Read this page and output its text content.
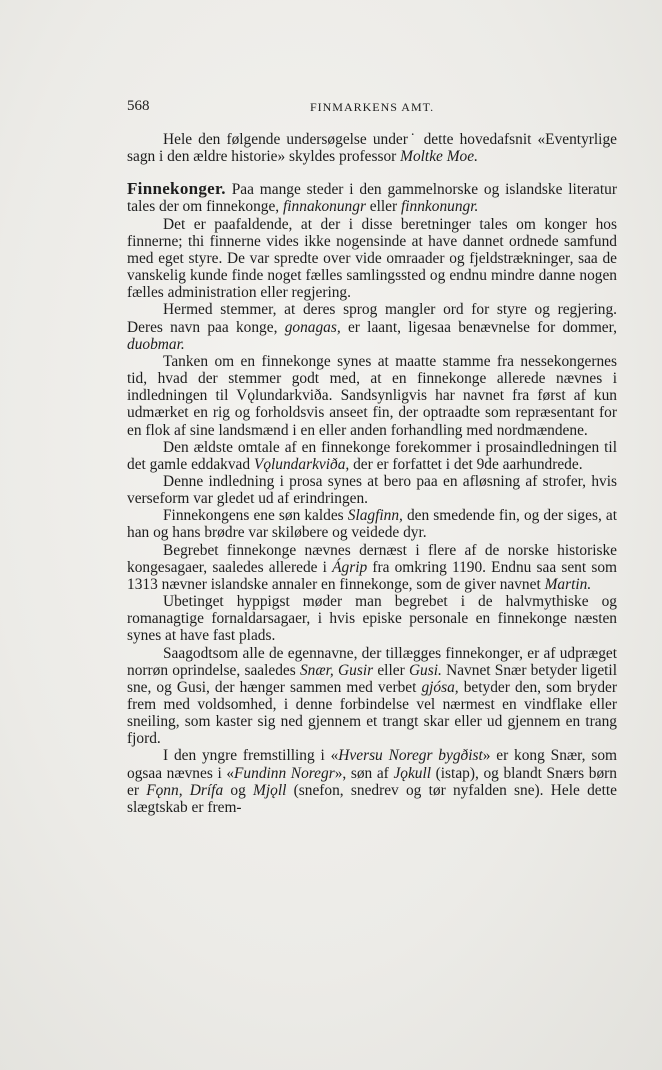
568	FINMARKENS AMT.

Hele den følgende undersøgelse under˙ dette hovedafsnit «Eventyrlige sagn i den ældre historie» skyldes professor Moltke Moe.

Finnekonger. Paa mange steder i den gammelnorske og islandske literatur tales der om finnekonge, finnakonungr eller finnkonungr.

Det er paafaldende, at der i disse beretninger tales om konger hos finnerne; thi finnerne vides ikke nogensinde at have dannet ordnede samfund med eget styre. De var spredte over vide omraader og fjeldstrækninger, saa de vanskelig kunde finde noget fælles samlingssted og endnu mindre danne nogen fælles administration eller regjering.

Hermed stemmer, at deres sprog mangler ord for styre og regjering. Deres navn paa konge, gonagas, er laant, ligesaa benævnelse for dommer, duobmar.

Tanken om en finnekonge synes at maatte stamme fra nessekongernes tid, hvad der stemmer godt med, at en finnekonge allerede nævnes i indledningen til Vǫlundarkviða. Sandsynligvis har navnet fra først af kun udmærket en rig og forholdsvis anseet fin, der optraadte som repræsentant for en flok af sine landsmænd i en eller anden forhandling med nordmændene.

Den ældste omtale af en finnekonge forekommer i prosaindledningen til det gamle eddakvad Vǫlundarkviða, der er forfattet i det 9de aarhundrede.

Denne indledning i prosa synes at bero paa en afløsning af strofer, hvis verseform var gledet ud af erindringen.

Finnekongens ene søn kaldes Slagfinn, den smedende fin, og der siges, at han og hans brødre var skiløbere og veidede dyr.

Begrebet finnekonge nævnes dernæst i flere af de norske historiske kongesagaer, saaledes allerede i Ágrip fra omkring 1190. Endnu saa sent som 1313 nævner islandske annaler en finnekonge, som de giver navnet Martin.

Ubetinget hyppigst møder man begrebet i de halvmythiske og romanagtige fornaldarsagaer, i hvis episke personale en finnekonge næsten synes at have fast plads.

Saagodtsom alle de egennavne, der tillægges finnekonger, er af udpræget norrøn oprindelse, saaledes Snær, Gusir eller Gusi. Navnet Snær betyder ligetil sne, og Gusi, der hænger sammen med verbet gjósa, betyder den, som bryder frem med voldsomhed, i denne forbindelse vel nærmest en vindflake eller sneiling, som kaster sig ned gjennem et trangt skar eller ud gjennem en trang fjord.

I den yngre fremstilling i «Hversu Noregr bygðist» er kong Snær, som ogsaa nævnes i «Fundinn Noregr», søn af Jǫkull (istap), og blandt Snærs børn er Fǫnn, Drífa og Mjǫll (snefon, snedrev og tør nyfalden sne). Hele dette slægtskab er frem-
